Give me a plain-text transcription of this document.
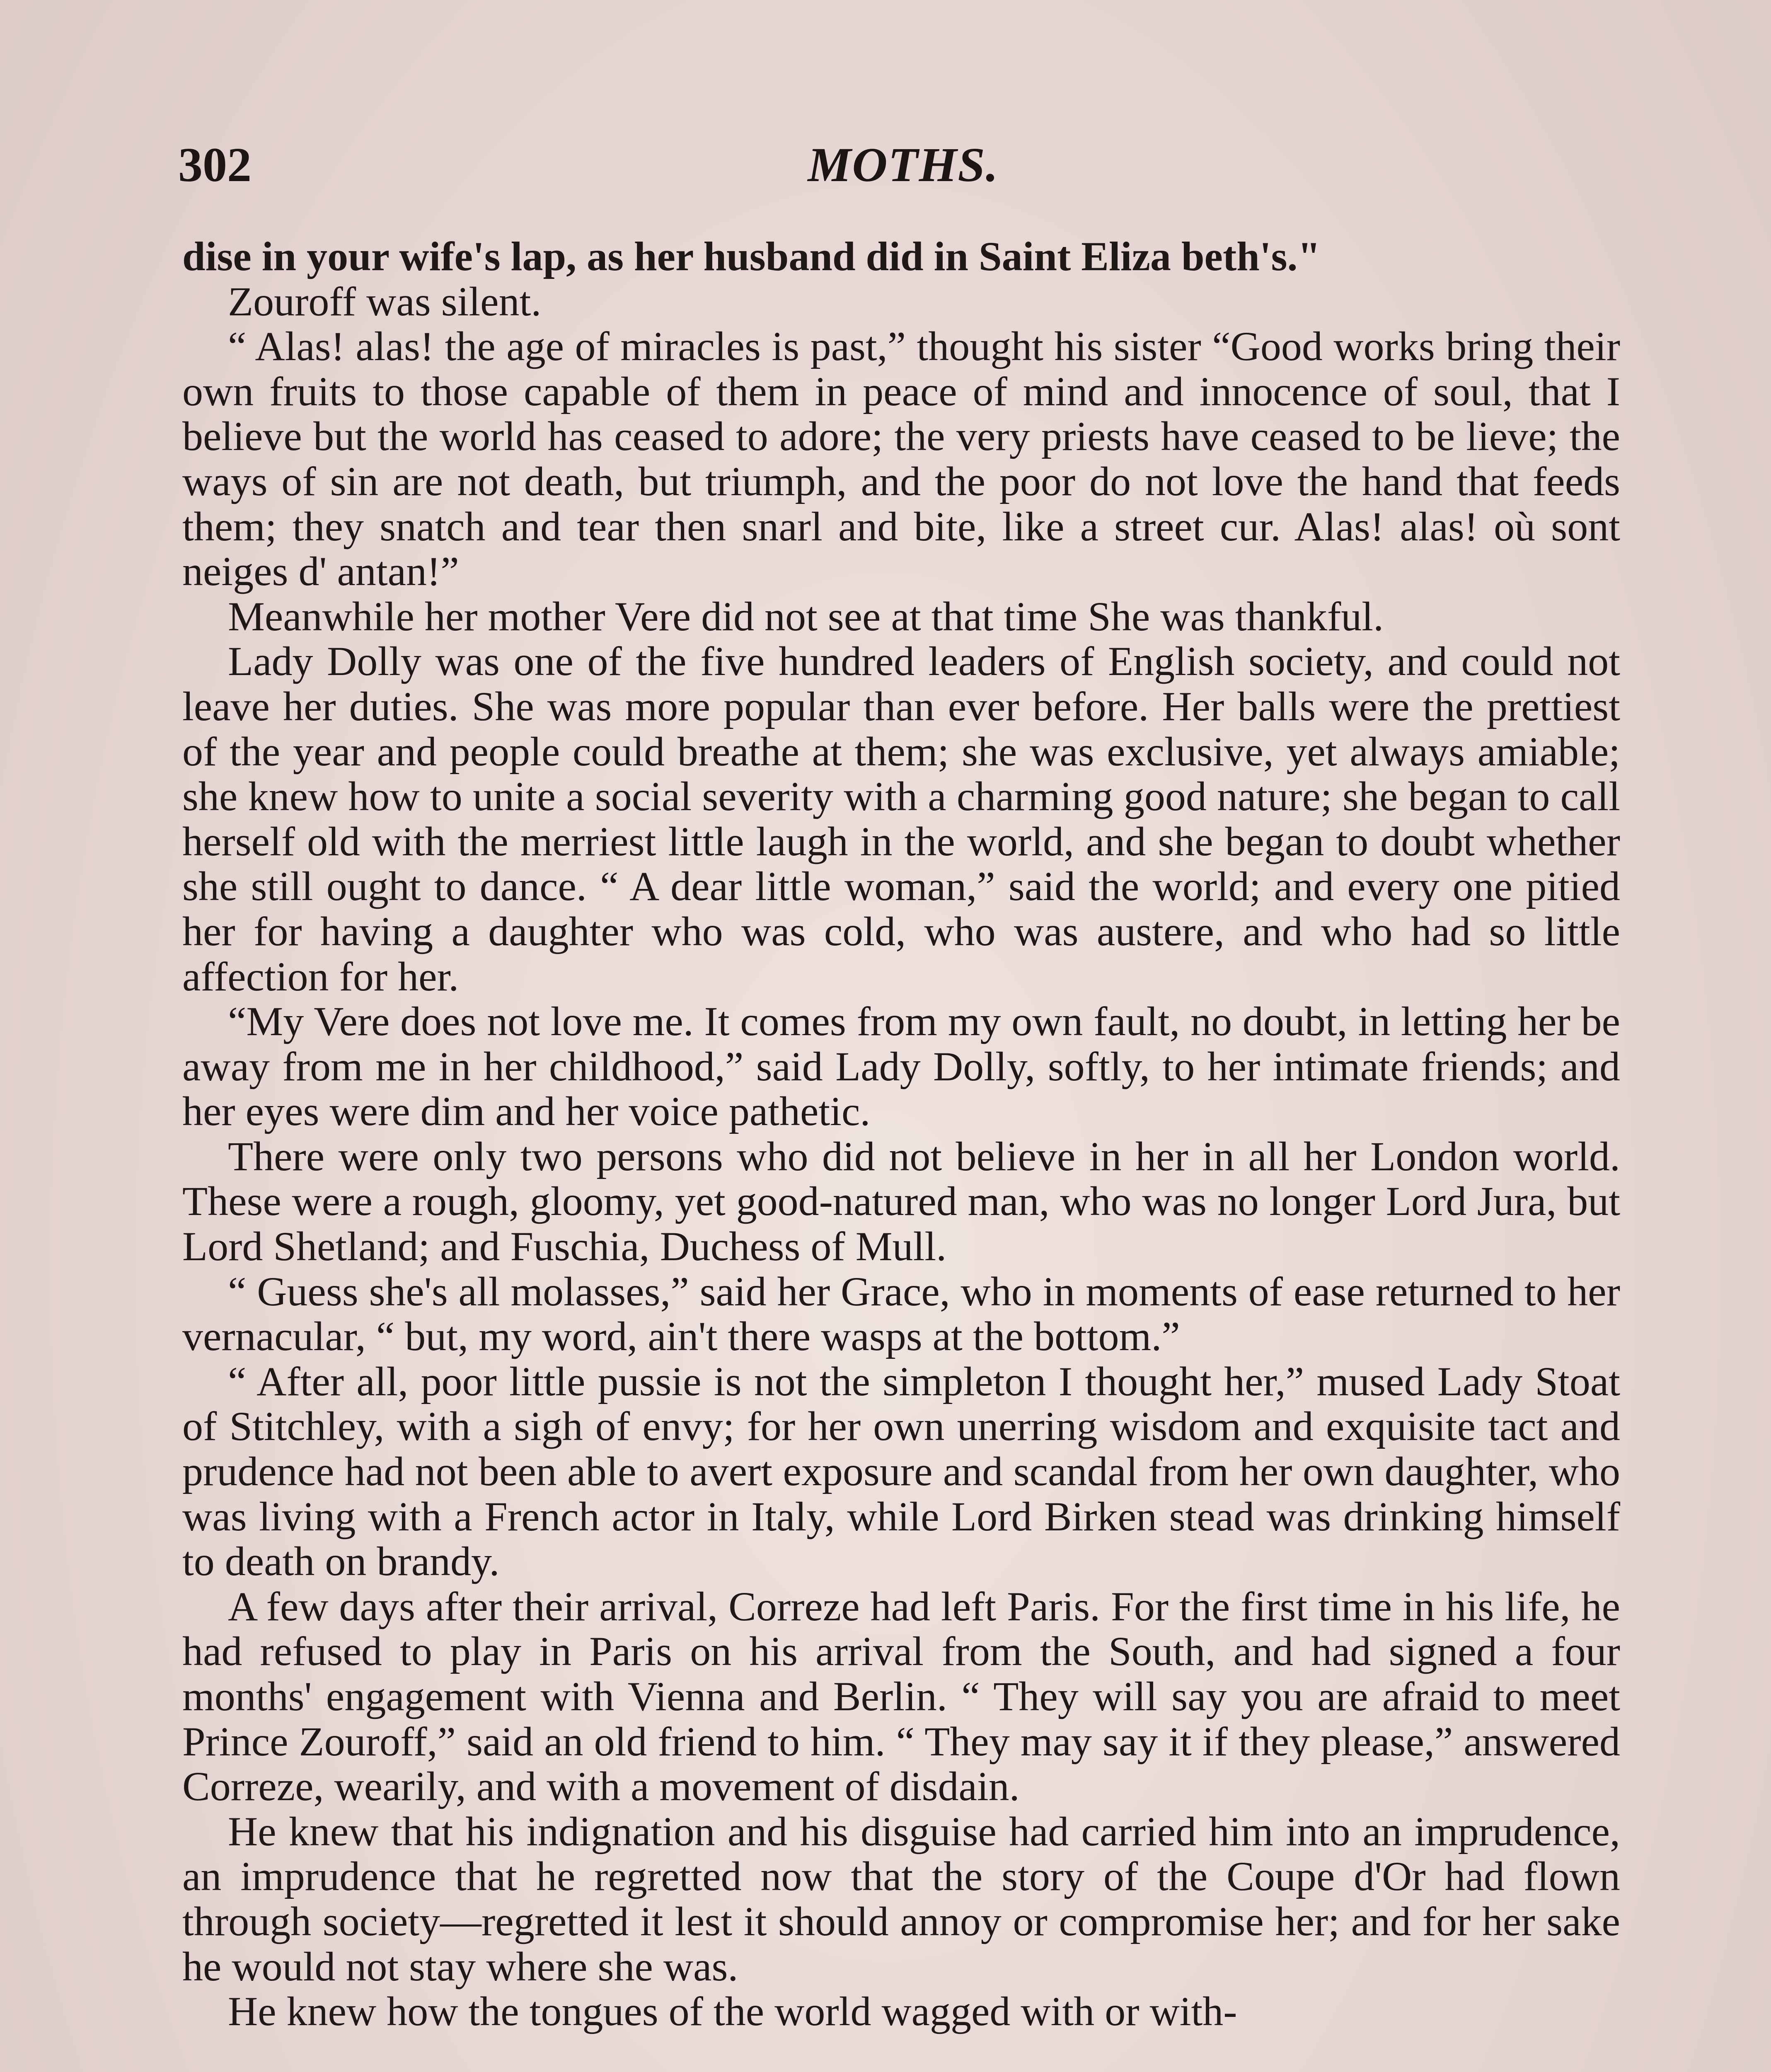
302	MOTHS.

dise in your wife's lap, as her husband did in Saint Eliza beth's."

Zouroff was silent.

“ Alas! alas! the age of miracles is past,” thought his sister “Good works bring their own fruits to those capable of them in peace of mind and innocence of soul, that I believe but the world has ceased to adore; the very priests have ceased to be lieve; the ways of sin are not death, but triumph, and the poor do not love the hand that feeds them; they snatch and tear then snarl and bite, like a street cur. Alas! alas! où sont neiges d' antan!”

Meanwhile her mother Vere did not see at that time She was thankful.

Lady Dolly was one of the five hundred leaders of English society, and could not leave her duties. She was more popular than ever before. Her balls were the prettiest of the year and people could breathe at them; she was exclusive, yet always amiable; she knew how to unite a social severity with a charming good nature; she began to call herself old with the merriest little laugh in the world, and she began to doubt whether she still ought to dance. “ A dear little woman,” said the world; and every one pitied her for having a daughter who was cold, who was austere, and who had so little affection for her.

“My Vere does not love me. It comes from my own fault, no doubt, in letting her be away from me in her childhood,” said Lady Dolly, softly, to her intimate friends; and her eyes were dim and her voice pathetic.

There were only two persons who did not believe in her in all her London world. These were a rough, gloomy, yet good-natured man, who was no longer Lord Jura, but Lord Shetland; and Fuschia, Duchess of Mull.

“ Guess she's all molasses,” said her Grace, who in moments of ease returned to her vernacular, “ but, my word, ain't there wasps at the bottom.”

“ After all, poor little pussie is not the simpleton I thought her,” mused Lady Stoat of Stitchley, with a sigh of envy; for her own unerring wisdom and exquisite tact and prudence had not been able to avert exposure and scandal from her own daughter, who was living with a French actor in Italy, while Lord Birken stead was drinking himself to death on brandy.

A few days after their arrival, Correze had left Paris. For the first time in his life, he had refused to play in Paris on his arrival from the South, and had signed a four months' engagement with Vienna and Berlin. “ They will say you are afraid to meet Prince Zouroff,” said an old friend to him. “ They may say it if they please,” answered Correze, wearily, and with a movement of disdain.

He knew that his indignation and his disguise had carried him into an imprudence, an imprudence that he regretted now that the story of the Coupe d'Or had flown through society—regretted it lest it should annoy or compromise her; and for her sake he would not stay where she was.

He knew how the tongues of the world wagged with or with-
